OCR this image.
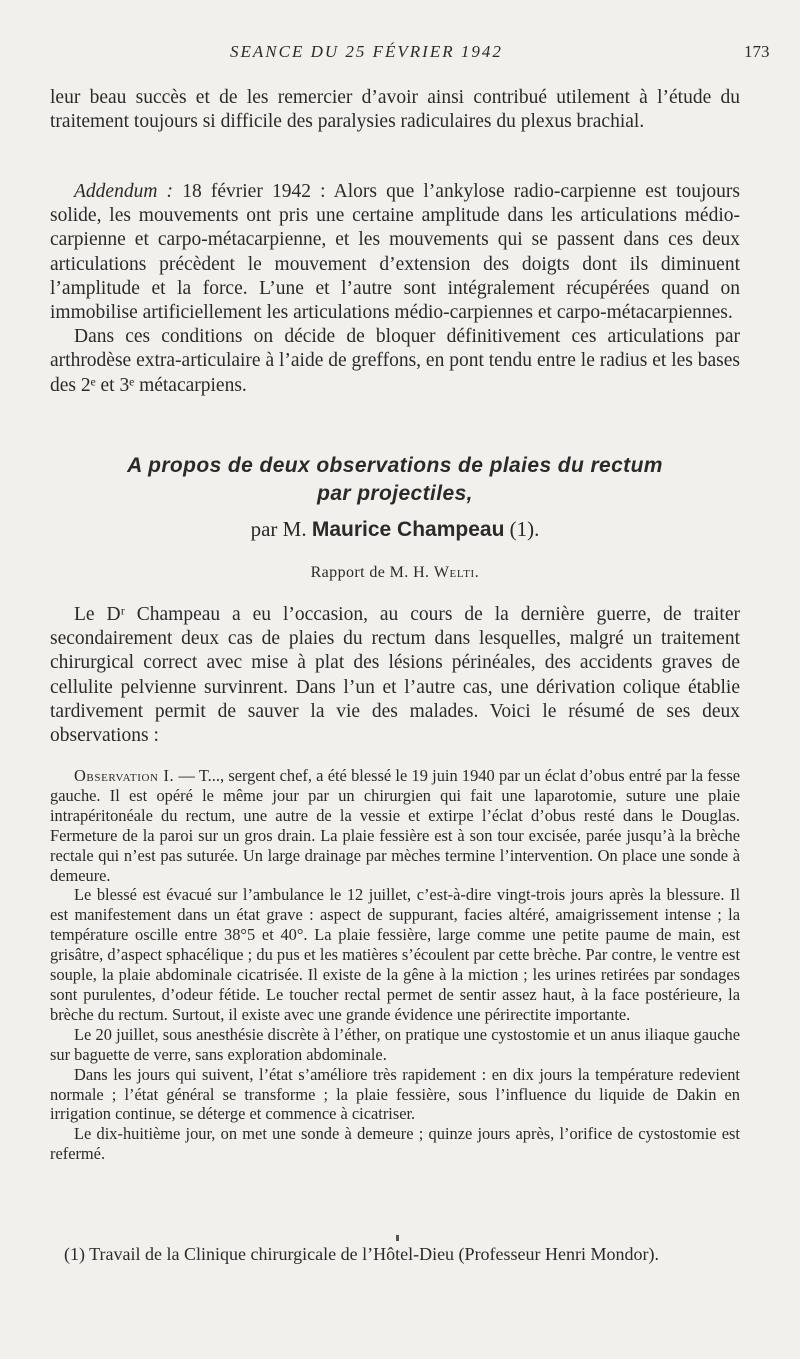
SEANCE DU 25 FÉVRIER 1942	173

leur beau succès et de les remercier d’avoir ainsi contribué utilement à l’étude du traitement toujours si difficile des paralysies radiculaires du plexus brachial.

Addendum : 18 février 1942 : Alors que l’ankylose radio-carpienne est toujours solide, les mouvements ont pris une certaine amplitude dans les articulations médio-carpienne et carpo-métacarpienne, et les mouvements qui se passent dans ces deux articulations précèdent le mouvement d’extension des doigts dont ils diminuent l’amplitude et la force. L’une et l’autre sont intégralement récupérées quand on immobilise artificiellement les articulations médio-carpiennes et carpo-métacarpiennes.

Dans ces conditions on décide de bloquer définitivement ces articulations par arthrodèse extra-articulaire à l’aide de greffons, en pont tendu entre le radius et les bases des 2ᵉ et 3ᵉ métacarpiens.

A propos de deux observations de plaies du rectum
par projectiles,
par M. Maurice Champeau (1).
Rapport de M. H. Welti.

Le Dʳ Champeau a eu l’occasion, au cours de la dernière guerre, de traiter secondairement deux cas de plaies du rectum dans lesquelles, malgré un traitement chirurgical correct avec mise à plat des lésions périnéales, des accidents graves de cellulite pelvienne survinrent. Dans l’un et l’autre cas, une dérivation colique établie tardivement permit de sauver la vie des malades. Voici le résumé de ses deux observations :

Observation I. — T..., sergent chef, a été blessé le 19 juin 1940 par un éclat d’obus entré par la fesse gauche. Il est opéré le même jour par un chirurgien qui fait une laparotomie, suture une plaie intrapéritonéale du rectum, une autre de la vessie et extirpe l’éclat d’obus resté dans le Douglas. Fermeture de la paroi sur un gros drain. La plaie fessière est à son tour excisée, parée jusqu’à la brèche rectale qui n’est pas suturée. Un large drainage par mèches termine l’intervention. On place une sonde à demeure.

Le blessé est évacué sur l’ambulance le 12 juillet, c’est-à-dire vingt-trois jours après la blessure. Il est manifestement dans un état grave : aspect de suppurant, facies altéré, amaigrissement intense ; la température oscille entre 38°5 et 40°. La plaie fessière, large comme une petite paume de main, est grisâtre, d’aspect sphacélique ; du pus et les matières s’écoulent par cette brèche. Par contre, le ventre est souple, la plaie abdominale cicatrisée. Il existe de la gêne à la miction ; les urines retirées par sondages sont purulentes, d’odeur fétide. Le toucher rectal permet de sentir assez haut, à la face postérieure, la brèche du rectum. Surtout, il existe avec une grande évidence une périrectite importante.

Le 20 juillet, sous anesthésie discrète à l’éther, on pratique une cystostomie et un anus iliaque gauche sur baguette de verre, sans exploration abdominale.

Dans les jours qui suivent, l’état s’améliore très rapidement : en dix jours la température redevient normale ; l’état général se transforme ; la plaie fessière, sous l’influence du liquide de Dakin en irrigation continue, se déterge et commence à cicatriser.

Le dix-huitième jour, on met une sonde à demeure ; quinze jours après, l’orifice de cystostomie est refermé.

(1) Travail de la Clinique chirurgicale de l’Hôtel-Dieu (Professeur Henri Mondor).
